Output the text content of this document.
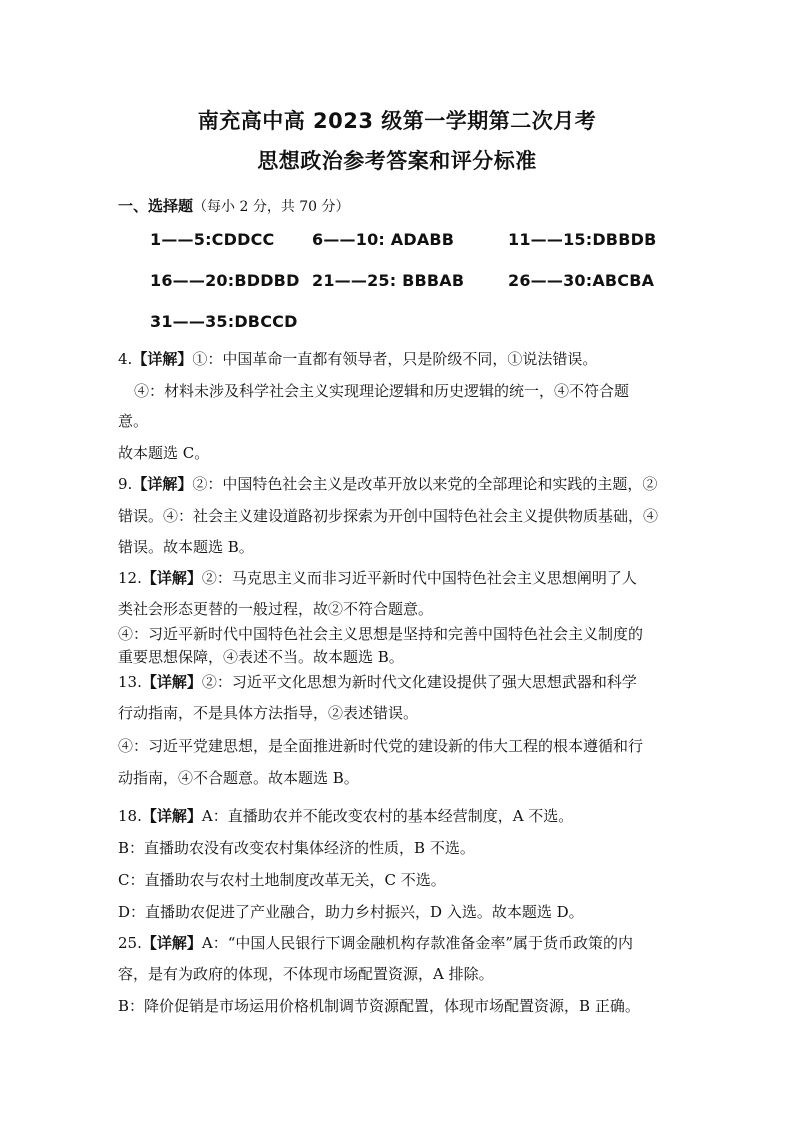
南充高中高 2023 级第一学期第二次月考
思想政治参考答案和评分标准
一、选择题（每小 2 分，共 70 分）
1——5:CDDCC 6——10: ADABB	11——15:DBBDB
16——20:BDDBD 21——25: BBBAB	26——30:ABCBA
31——35:DBCCD
4.【详解】①：中国革命一直都有领导者，只是阶级不同，①说法错误。
④：材料未涉及科学社会主义实现理论逻辑和历史逻辑的统一，④不符合题
意。
故本题选 C。
9.【详解】②：中国特色社会主义是改革开放以来党的全部理论和实践的主题，②
错误。④：社会主义建设道路初步探索为开创中国特色社会主义提供物质基础，④
错误。故本题选 B。
12.【详解】②：马克思主义而非习近平新时代中国特色社会主义思想阐明了人
类社会形态更替的一般过程，故②不符合题意。
④：习近平新时代中国特色社会主义思想是坚持和完善中国特色社会主义制度的
重要思想保障，④表述不当。故本题选 B。
13.【详解】②：习近平文化思想为新时代文化建设提供了强大思想武器和科学
行动指南，不是具体方法指导，②表述错误。
④：习近平党建思想，是全面推进新时代党的建设新的伟大工程的根本遵循和行
动指南，④不合题意。故本题选 B。
18.【详解】A：直播助农并不能改变农村的基本经营制度，A 不选。
B：直播助农没有改变农村集体经济的性质，B 不选。
C：直播助农与农村土地制度改革无关，C 不选。
D：直播助农促进了产业融合，助力乡村振兴，D 入选。故本题选 D。
25.【详解】A：“中国人民银行下调金融机构存款准备金率”属于货币政策的内
容，是有为政府的体现，不体现市场配置资源，A 排除。
B：降价促销是市场运用价格机制调节资源配置，体现市场配置资源，B 正确。
